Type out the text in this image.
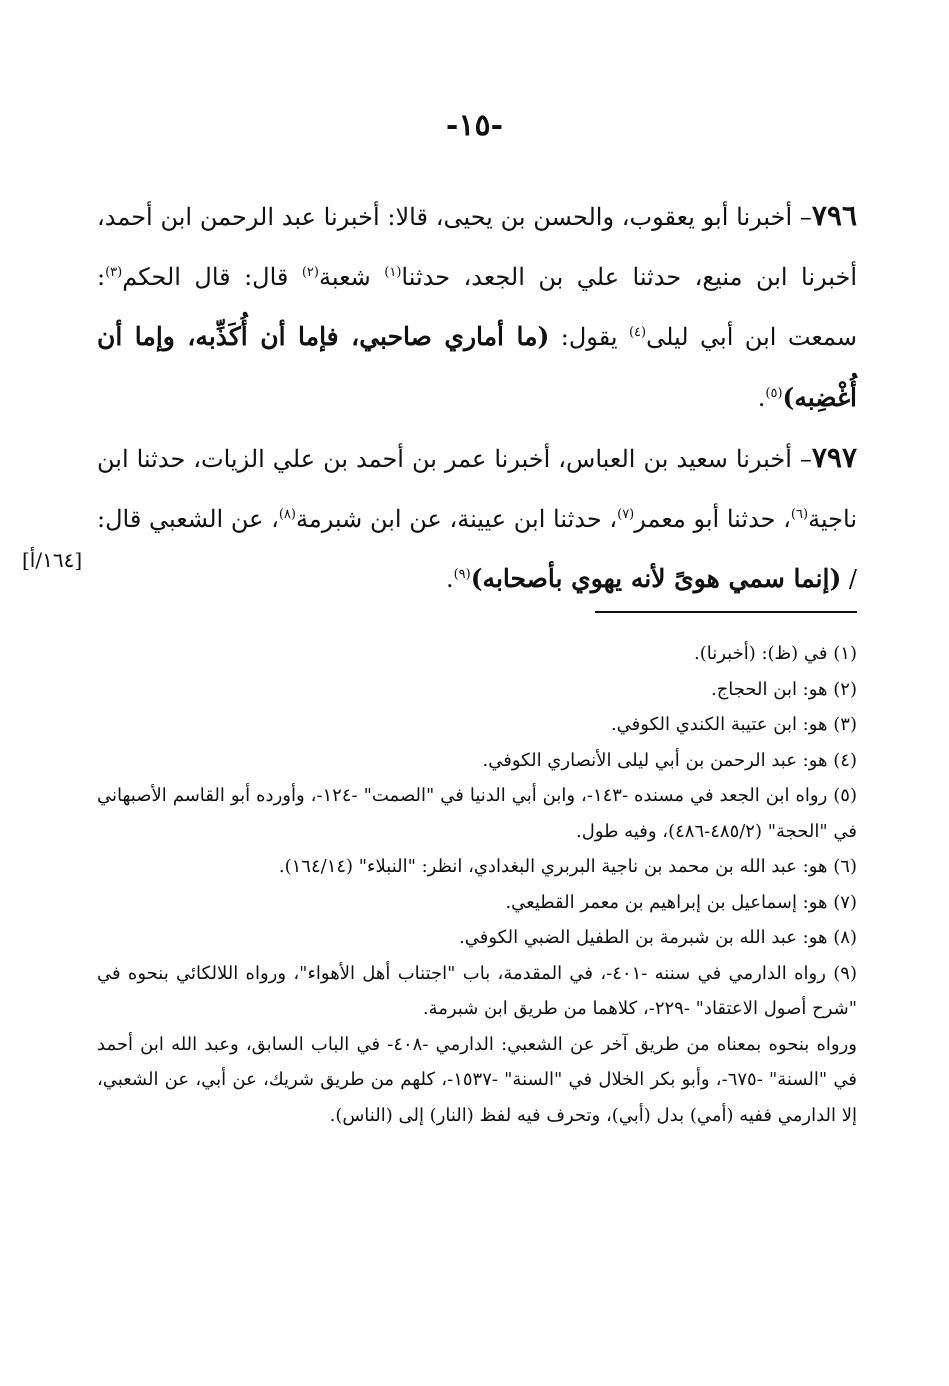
-١٥-

٧٩٦– أخبرنا أبو يعقوب، والحسن بن يحيى، قالا: أخبرنا عبد الرحمن ابن أحمد، أخبرنا ابن منيع، حدثنا علي بن الجعد، حدثنا$^{(١)}$ شعبة$^{(٢)}$ قال: قال الحكم$^{(٣)}$: سمعت ابن أبي ليلى$^{(٤)}$ يقول: (ما أماري صاحبي، فإما أن أُكَذِّبه، وإما أن أُغْضِبه)$^{(٥)}$.

٧٩٧– أخبرنا سعيد بن العباس، أخبرنا عمر بن أحمد بن علي الزيات، حدثنا ابن ناجية$^{(٦)}$، حدثنا أبو معمر$^{(٧)}$، حدثنا ابن عيينة، عن ابن شبرمة$^{(٨)}$، عن الشعبي قال: / (إنما سمي هوىً لأنه يهوي بأصحابه)$^{(٩)}$.

[١٦٤/أ]

(١) في (ظ): (أخبرنا).

(٢) هو: ابن الحجاج.

(٣) هو: ابن عتيبة الكندي الكوفي.

(٤) هو: عبد الرحمن بن أبي ليلى الأنصاري الكوفي.

(٥) رواه ابن الجعد في مسنده -١٤٣-، وابن أبي الدنيا في "الصمت" -١٢٤-، وأورده أبو القاسم الأصبهاني في "الحجة" (٤٨٥/٢-٤٨٦)، وفيه طول.

(٦) هو: عبد الله بن محمد بن ناجية البربري البغدادي، انظر: "النبلاء" (١٦٤/١٤).

(٧) هو: إسماعيل بن إبراهيم بن معمر القطيعي.

(٨) هو: عبد الله بن شبرمة بن الطفيل الضبي الكوفي.

(٩) رواه الدارمي في سننه -٤٠١-، في المقدمة، باب "اجتناب أهل الأهواء"، ورواه اللالكائي بنحوه في "شرح أصول الاعتقاد" -٢٢٩-، كلاهما من طريق ابن شبرمة.

ورواه بنحوه بمعناه من طريق آخر عن الشعبي: الدارمي -٤٠٨- في الباب السابق، وعبد الله ابن أحمد في "السنة" -٦٧٥-، وأبو بكر الخلال في "السنة" -١٥٣٧-، كلهم من طريق شريك، عن أبي، عن الشعبي، إلا الدارمي ففيه (أمي) بدل (أبي)، وتحرف فيه لفظ (النار) إلى (الناس).
